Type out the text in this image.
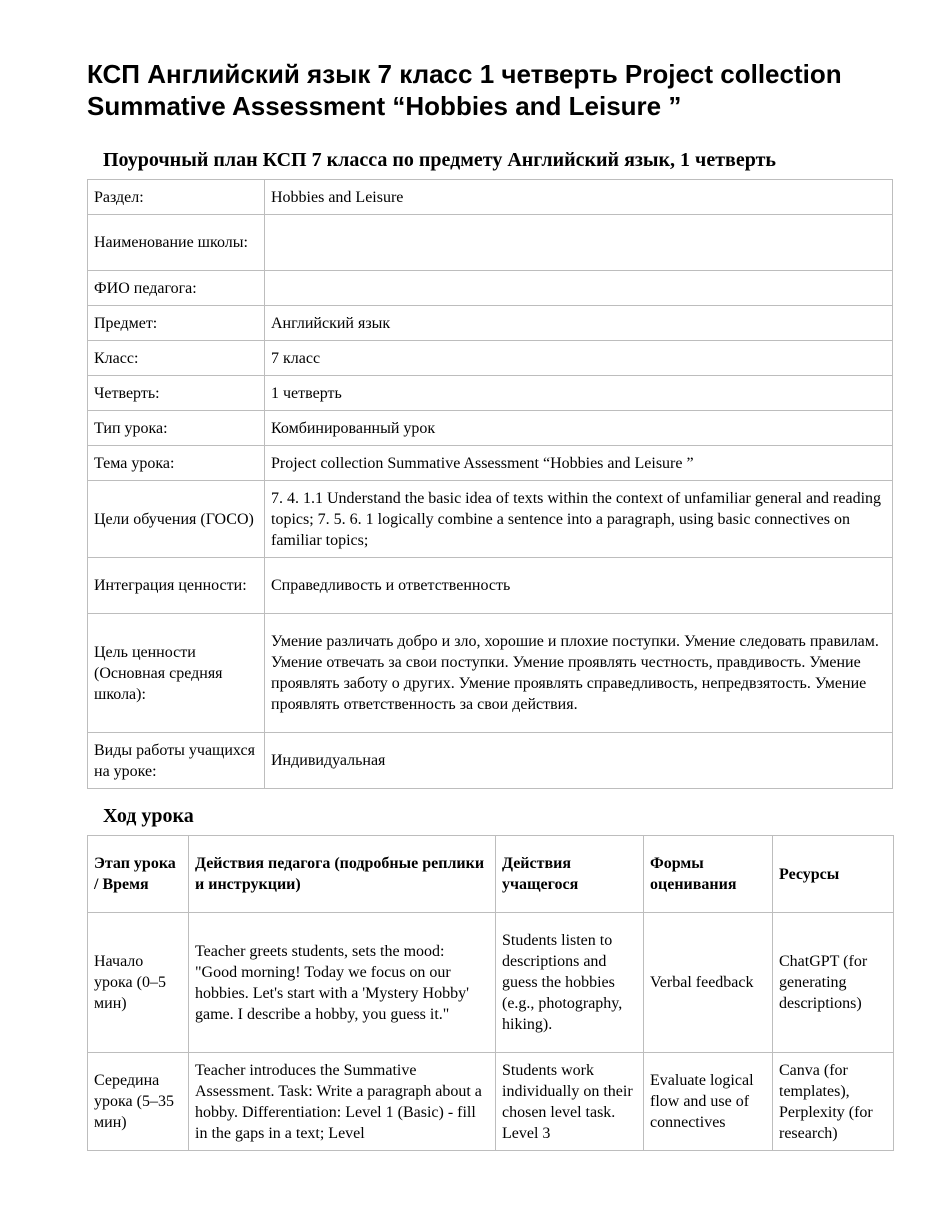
КСП Английский язык 7 класс 1 четверть Project collection Summative Assessment “Hobbies and Leisure ”
Поурочный план КСП 7 класса по предмету Английский язык, 1 четверть
Раздел:	Hobbies and Leisure
Наименование школы:	
ФИО педагога:	
Предмет:	Английский язык
Класс:	7 класс
Четверть:	1 четверть
Тип урока:	Комбинированный урок
Тема урока:	Project collection Summative Assessment “Hobbies and Leisure ”
Цели обучения (ГОСО)	7. 4. 1.1 Understand the basic idea of texts within the context of unfamiliar general and reading topics; 7. 5. 6. 1 logically combine a sentence into a paragraph, using basic connectives on familiar topics;
Интеграция ценности:	Справедливость и ответственность
Цель ценности (Основная средняя школа):	Умение различать добро и зло, хорошие и плохие поступки. Умение следовать правилам. Умение отвечать за свои поступки. Умение проявлять честность, правдивость. Умение проявлять заботу о других. Умение проявлять справедливость, непредвзятость. Умение проявлять ответственность за свои действия.
Виды работы учащихся на уроке:	Индивидуальная
Ход урока
Этап урока / Время	Действия педагога (подробные реплики и инструкции)	Действия учащегося	Формы оценивания	Ресурсы
Начало урока (0–5 мин)	Teacher greets students, sets the mood: "Good morning! Today we focus on our hobbies. Let's start with a 'Mystery Hobby' game. I describe a hobby, you guess it."	Students listen to descriptions and guess the hobbies (e.g., photography, hiking).	Verbal feedback	ChatGPT (for generating descriptions)
Середина урока (5–35 мин)	Teacher introduces the Summative Assessment. Task: Write a paragraph about a hobby. Differentiation: Level 1 (Basic) - fill in the gaps in a text; Level	Students work individually on their chosen level task. Level 3	Evaluate logical flow and use of connectives	Canva (for templates), Perplexity (for research)
